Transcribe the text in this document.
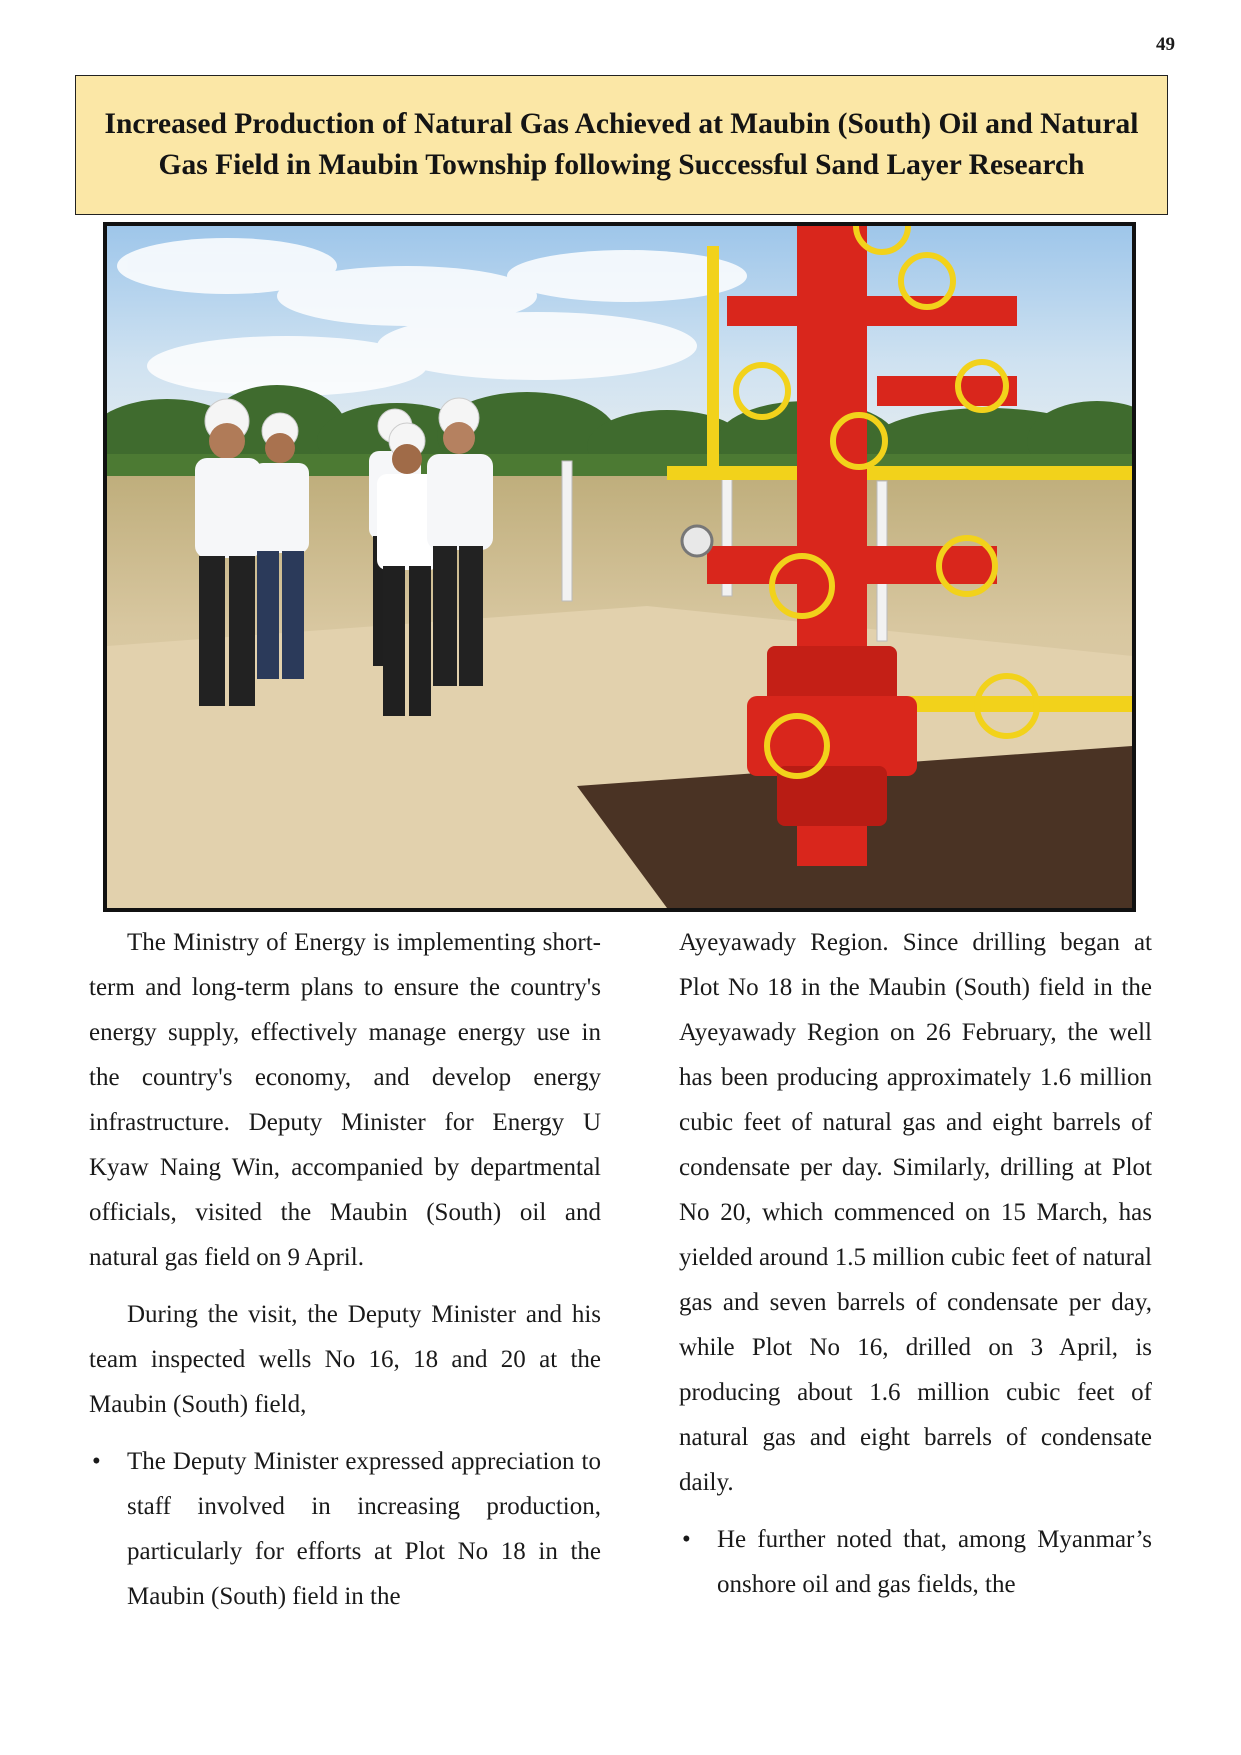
49
Increased Production of Natural Gas Achieved at Maubin (South) Oil and Natural Gas Field in Maubin Township following Successful Sand Layer Research

The Ministry of Energy is implementing short-term and long-term plans to ensure the country's energy supply, effectively manage energy use in the country's economy, and develop energy infrastructure. Deputy Minister for Energy U Kyaw Naing Win, accompanied by departmental officials, visited the Maubin (South) oil and natural gas field on 9 April.

During the visit, the Deputy Minister and his team inspected wells No 16, 18 and 20 at the Maubin (South) field,

• The Deputy Minister expressed appreciation to staff involved in increasing production, particularly for efforts at Plot No 18 in the Maubin (South) field in the

Ayeyawady Region. Since drilling began at Plot No 18 in the Maubin (South) field in the Ayeyawady Region on 26 February, the well has been producing approximately 1.6 million cubic feet of natural gas and eight barrels of condensate per day. Similarly, drilling at Plot No 20, which commenced on 15 March, has yielded around 1.5 million cubic feet of natural gas and seven barrels of condensate per day, while Plot No 16, drilled on 3 April, is producing about 1.6 million cubic feet of natural gas and eight barrels of condensate daily.

• He further noted that, among Myanmar’s onshore oil and gas fields, the
